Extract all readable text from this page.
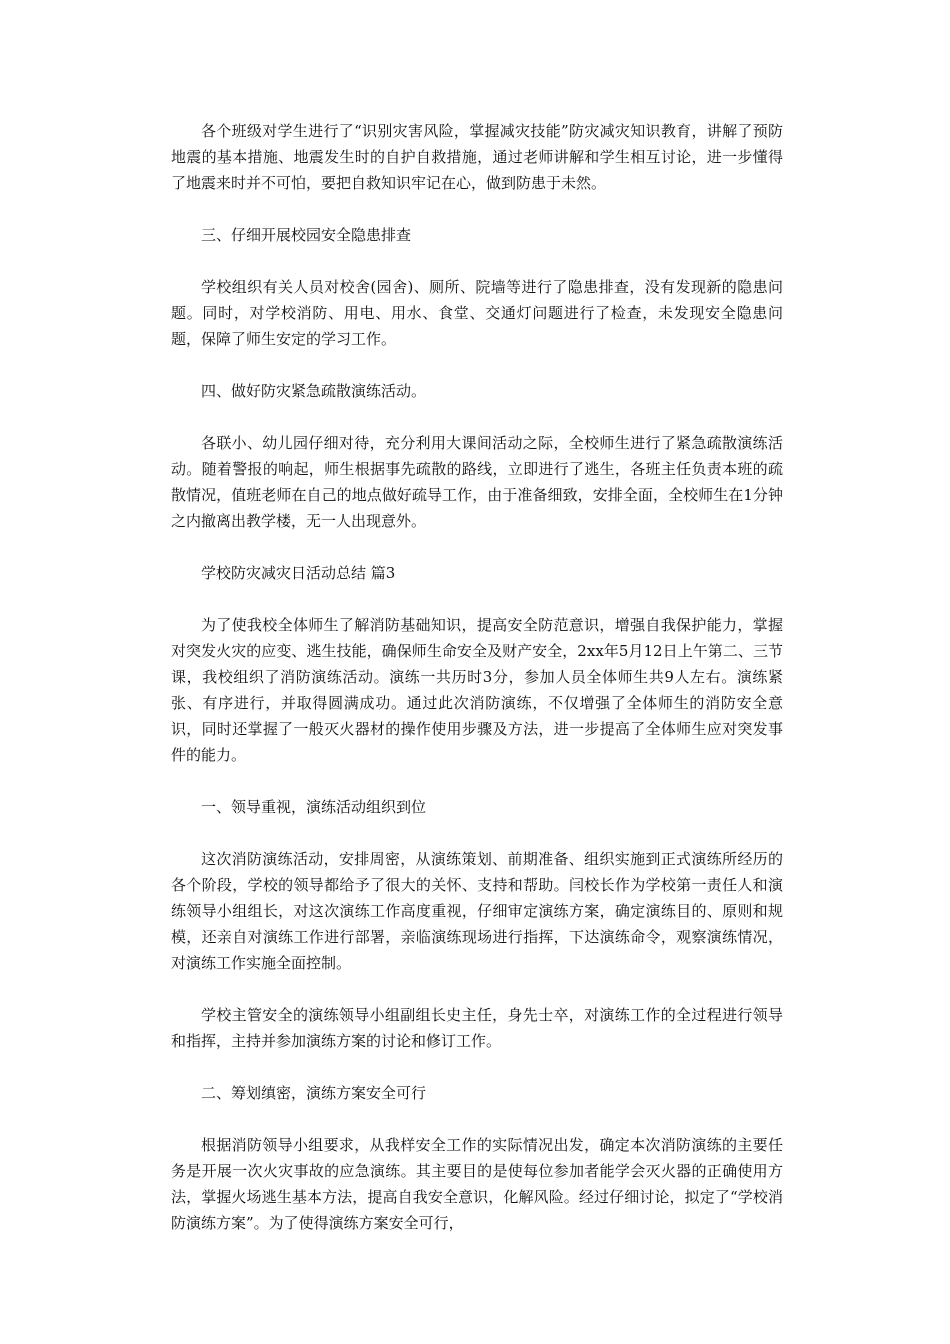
各个班级对学生进行了“识别灾害风险，掌握减灾技能”防灾减灾知识教育，讲解了预防地震的基本措施、地震发生时的自护自救措施，通过老师讲解和学生相互讨论，进一步懂得了地震来时并不可怕，要把自救知识牢记在心，做到防患于未然。

三、仔细开展校园安全隐患排查

学校组织有关人员对校舍(园舍)、厕所、院墙等进行了隐患排查，没有发现新的隐患问题。同时，对学校消防、用电、用水、食堂、交通灯问题进行了检查，未发现安全隐患问题，保障了师生安定的学习工作。

四、做好防灾紧急疏散演练活动。

各联小、幼儿园仔细对待，充分利用大课间活动之际，全校师生进行了紧急疏散演练活动。随着警报的响起，师生根据事先疏散的路线，立即进行了逃生，各班主任负责本班的疏散情况，值班老师在自己的地点做好疏导工作，由于准备细致，安排全面，全校师生在1分钟之内撤离出教学楼，无一人出现意外。

学校防灾减灾日活动总结 篇3

为了使我校全体师生了解消防基础知识，提高安全防范意识，增强自我保护能力，掌握对突发火灾的应变、逃生技能，确保师生命安全及财产安全，2xx年5月12日上午第二、三节课，我校组织了消防演练活动。演练一共历时3分，参加人员全体师生共9人左右。演练紧张、有序进行，并取得圆满成功。通过此次消防演练，不仅增强了全体师生的消防安全意识，同时还掌握了一般灭火器材的操作使用步骤及方法，进一步提高了全体师生应对突发事件的能力。

一、领导重视，演练活动组织到位

这次消防演练活动，安排周密，从演练策划、前期准备、组织实施到正式演练所经历的各个阶段，学校的领导都给予了很大的关怀、支持和帮助。闫校长作为学校第一责任人和演练领导小组组长，对这次演练工作高度重视，仔细审定演练方案，确定演练目的、原则和规模，还亲自对演练工作进行部署，亲临演练现场进行指挥，下达演练命令，观察演练情况，对演练工作实施全面控制。

学校主管安全的演练领导小组副组长史主任，身先士卒，对演练工作的全过程进行领导和指挥，主持并参加演练方案的讨论和修订工作。

二、筹划缜密，演练方案安全可行

根据消防领导小组要求，从我样安全工作的实际情况出发，确定本次消防演练的主要任务是开展一次火灾事故的应急演练。其主要目的是使每位参加者能学会灭火器的正确使用方法，掌握火场逃生基本方法，提高自我安全意识，化解风险。经过仔细讨论，拟定了“学校消防演练方案”。为了使得演练方案安全可行，
